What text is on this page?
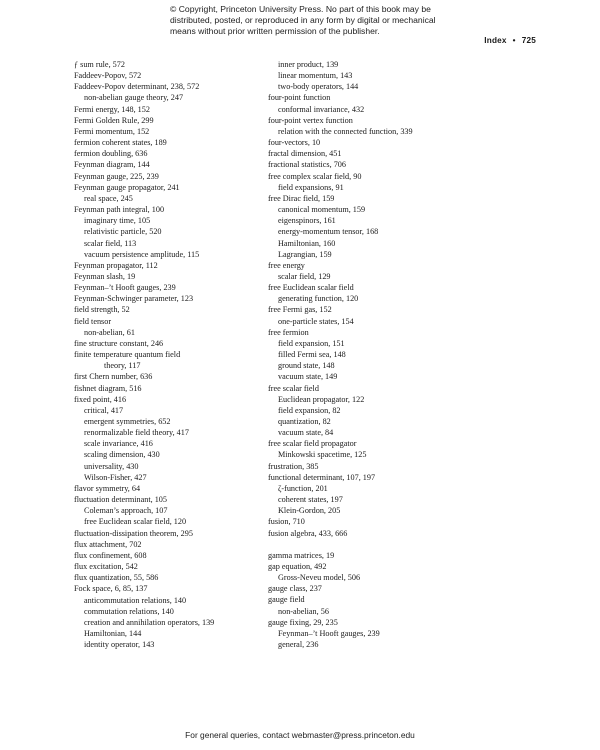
© Copyright, Princeton University Press. No part of this book may be distributed, posted, or reproduced in any form by digital or mechanical means without prior written permission of the publisher.
Index • 725
ƒ sum rule, 572
Faddeev-Popov, 572
Faddeev-Popov determinant, 238, 572
non-abelian gauge theory, 247
Fermi energy, 148, 152
Fermi Golden Rule, 299
Fermi momentum, 152
fermion coherent states, 189
fermion doubling, 636
Feynman diagram, 144
Feynman gauge, 225, 239
Feynman gauge propagator, 241
real space, 245
Feynman path integral, 100
imaginary time, 105
relativistic particle, 520
scalar field, 113
vacuum persistence amplitude, 115
Feynman propagator, 112
Feynman slash, 19
Feynman–’t Hooft gauges, 239
Feynman-Schwinger parameter, 123
field strength, 52
field tensor
non-abelian, 61
fine structure constant, 246
finite temperature quantum field
theory, 117
first Chern number, 636
fishnet diagram, 516
fixed point, 416
critical, 417
emergent symmetries, 652
renormalizable field theory, 417
scale invariance, 416
scaling dimension, 430
universality, 430
Wilson-Fisher, 427
flavor symmetry, 64
fluctuation determinant, 105
Coleman’s approach, 107
free Euclidean scalar field, 120
fluctuation-dissipation theorem, 295
flux attachment, 702
flux confinement, 608
flux excitation, 542
flux quantization, 55, 586
Fock space, 6, 85, 137
anticommutation relations, 140
commutation relations, 140
creation and annihilation operators, 139
Hamiltonian, 144
identity operator, 143
inner product, 139
linear momentum, 143
two-body operators, 144
four-point function
conformal invariance, 432
four-point vertex function
relation with the connected function, 339
four-vectors, 10
fractal dimension, 451
fractional statistics, 706
free complex scalar field, 90
field expansions, 91
free Dirac field, 159
canonical momentum, 159
eigenspinors, 161
energy-momentum tensor, 168
Hamiltonian, 160
Lagrangian, 159
free energy
scalar field, 129
free Euclidean scalar field
generating function, 120
free Fermi gas, 152
one-particle states, 154
free fermion
field expansion, 151
filled Fermi sea, 148
ground state, 148
vacuum state, 149
free scalar field
Euclidean propagator, 122
field expansion, 82
quantization, 82
vacuum state, 84
free scalar field propagator
Minkowski spacetime, 125
frustration, 385
functional determinant, 107, 197
ζ-function, 201
coherent states, 197
Klein-Gordon, 205
fusion, 710
fusion algebra, 433, 666
gamma matrices, 19
gap equation, 492
Gross-Neveu model, 506
gauge class, 237
gauge field
non-abelian, 56
gauge fixing, 29, 235
Feynman–’t Hooft gauges, 239
general, 236
For general queries, contact webmaster@press.princeton.edu
